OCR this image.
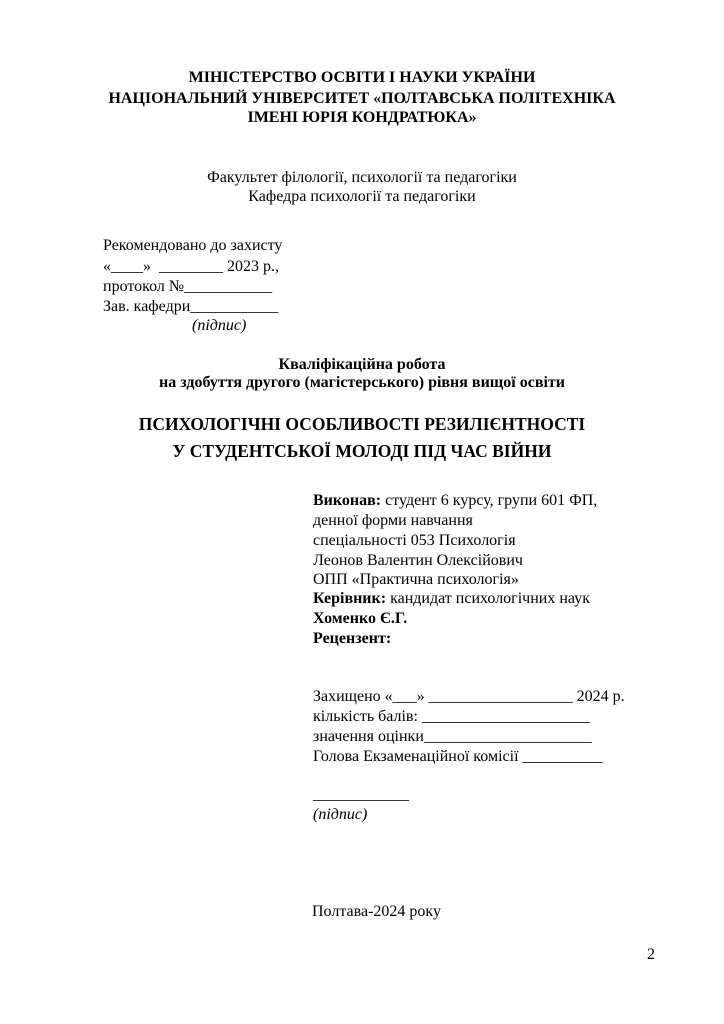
МІНІСТЕРСТВО ОСВІТИ І НАУКИ УКРАЇНИ
НАЦІОНАЛЬНИЙ УНІВЕРСИТЕТ «ПОЛТАВСЬКА ПОЛІТЕХНІКА
ІМЕНІ ЮРІЯ КОНДРАТЮКА»
Факультет філології, психології та педагогіки
Кафедра психології та педагогіки
Рекомендовано до захисту
«____»  ________ 2023 р.,
протокол №___________
Зав. кафедри___________
(підпис)
Кваліфікаційна робота
на здобуття другого (магістерського) рівня вищої освіти
ПСИХОЛОГІЧНІ ОСОБЛИВОСТІ РЕЗИЛІЄНТНОСТІ
У СТУДЕНТСЬКОЇ МОЛОДІ ПІД ЧАС ВІЙНИ
Виконав: студент 6 курсу, групи 601 ФП,
денної форми навчання
спеціальності 053 Психологія
Леонов Валентин Олексійович
ОПП «Практична психологія»
Керівник: кандидат психологічних наук
Хоменко Є.Г.
Рецензент:
Захищено «___» __________________ 2024 р.
кількість балів: _____________________
значення оцінки_____________________
Голова Екзаменаційної комісії __________
____________
(підпис)
Полтава-2024 року
2
